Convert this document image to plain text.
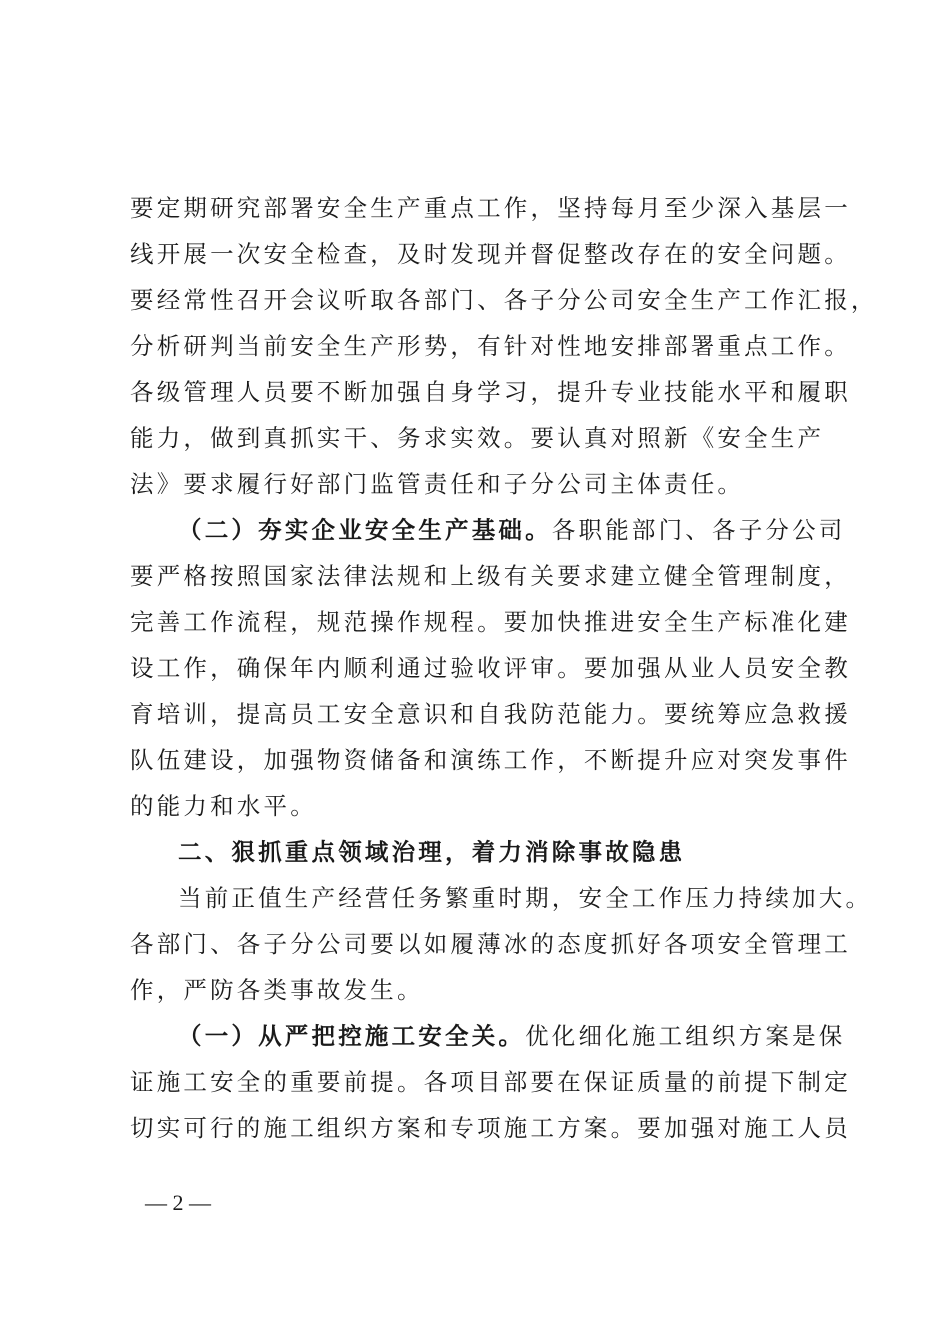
要定期研究部署安全生产重点工作，坚持每月至少深入基层一
线开展一次安全检查，及时发现并督促整改存在的安全问题。
要经常性召开会议听取各部门、各子分公司安全生产工作汇报，
分析研判当前安全生产形势，有针对性地安排部署重点工作。
各级管理人员要不断加强自身学习，提升专业技能水平和履职
能力，做到真抓实干、务求实效。要认真对照新《安全生产
法》要求履行好部门监管责任和子分公司主体责任。
（二）夯实企业安全生产基础。各职能部门、各子分公司
要严格按照国家法律法规和上级有关要求建立健全管理制度，
完善工作流程，规范操作规程。要加快推进安全生产标准化建
设工作，确保年内顺利通过验收评审。要加强从业人员安全教
育培训，提高员工安全意识和自我防范能力。要统筹应急救援
队伍建设，加强物资储备和演练工作，不断提升应对突发事件
的能力和水平。
二、狠抓重点领域治理，着力消除事故隐患
当前正值生产经营任务繁重时期，安全工作压力持续加大。
各部门、各子分公司要以如履薄冰的态度抓好各项安全管理工
作，严防各类事故发生。
（一）从严把控施工安全关。优化细化施工组织方案是保
证施工安全的重要前提。各项目部要在保证质量的前提下制定
切实可行的施工组织方案和专项施工方案。要加强对施工人员
— 2 —
